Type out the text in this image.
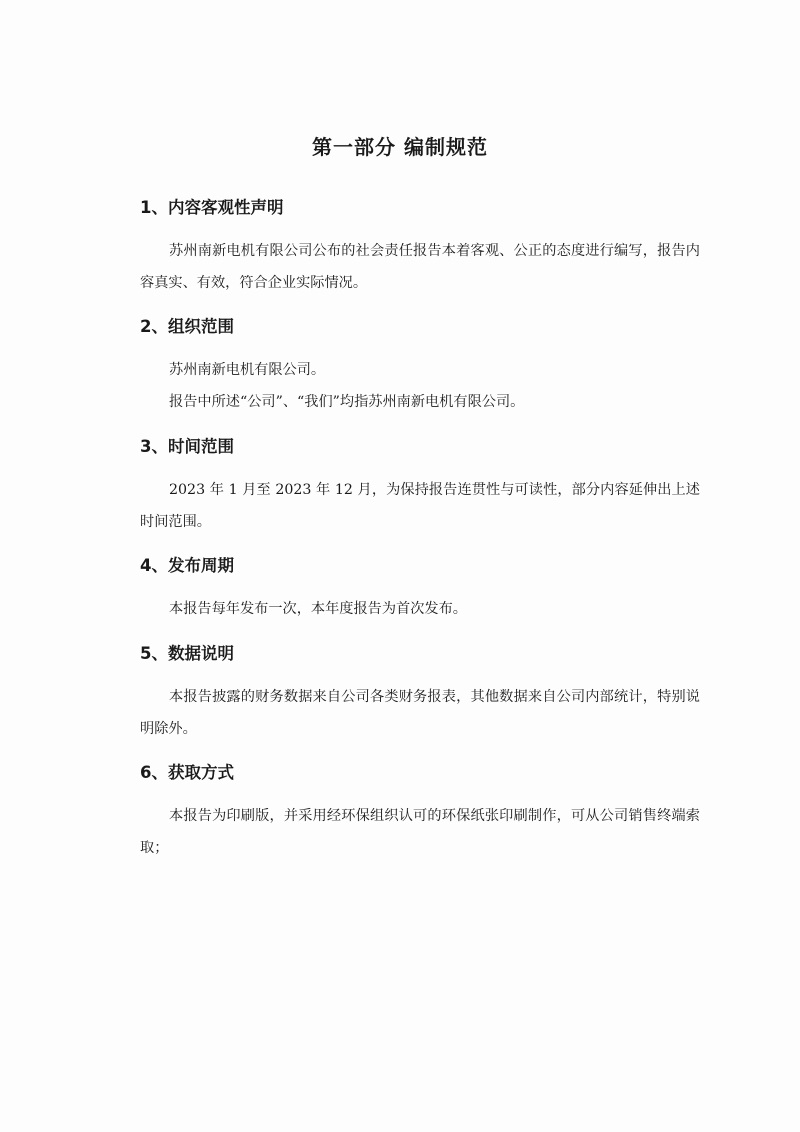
第一部分 编制规范
1、内容客观性声明

苏州南新电机有限公司公布的社会责任报告本着客观、公正的态度进行编写，报告内容真实、有效，符合企业实际情况。

2、组织范围

苏州南新电机有限公司。

报告中所述“公司”、“我们”均指苏州南新电机有限公司。

3、时间范围

2023 年 1 月至 2023 年 12 月，为保持报告连贯性与可读性，部分内容延伸出上述时间范围。

4、发布周期

本报告每年发布一次，本年度报告为首次发布。

5、数据说明

本报告披露的财务数据来自公司各类财务报表，其他数据来自公司内部统计，特别说明除外。

6、获取方式

本报告为印刷版，并采用经环保组织认可的环保纸张印刷制作，可从公司销售终端索取；
